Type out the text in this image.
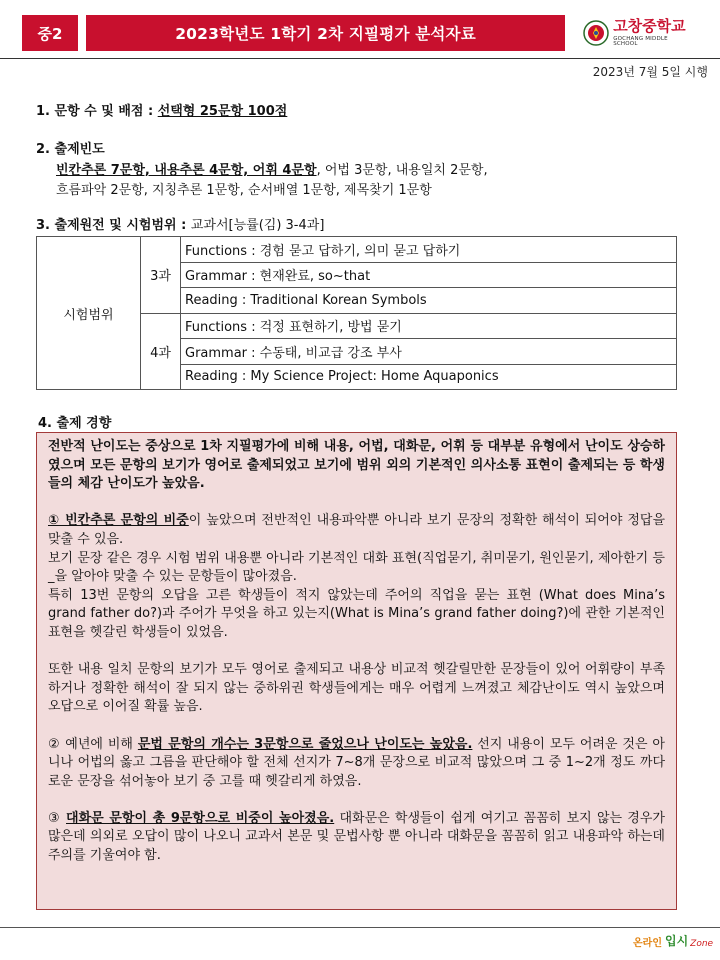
중2	2023학년도 1학기 2차 지필평가 분석자료	고창중학교
GOCHANG MIDDLE SCHOOL
2023년 7월 5일 시행
1. 문항 수 및 배점 : 선택형 25문항 100점
2. 출제빈도
빈칸추론 7문항, 내용추론 4문항, 어휘 4문항, 어법 3문항, 내용일치 2문항,
흐름파악 2문항, 지칭추론 1문항, 순서배열 1문항, 제목찾기 1문항
3. 출제원전 및 시험범위 : 교과서[능률(김) 3-4과]
시험범위	3과	Functions : 경험 묻고 답하기, 의미 묻고 답하기
		Grammar : 현재완료, so~that
		Reading : Traditional Korean Symbols
	4과	Functions : 걱정 표현하기, 방법 묻기
		Grammar : 수동태, 비교급 강조 부사
		Reading : My Science Project: Home Aquaponics
4. 출제 경향

전반적 난이도는 중상으로 1차 지필평가에 비해 내용, 어법, 대화문, 어휘 등 대부분 유형에서 난이도 상승하였으며 모든 문항의 보기가 영어로 출제되었고 보기에 범위 외의 기본적인 의사소통 표현이 출제되는 등 학생들의 체감 난이도가 높았음.

① 빈칸추론 문항의 비중이 높았으며 전반적인 내용파악뿐 아니라 보기 문장의 정확한 해석이 되어야 정답을 맞출 수 있음.

보기 문장 같은 경우 시험 범위 내용뿐 아니라 기본적인 대화 표현(직업묻기, 취미묻기, 원인묻기, 제아한기 등_을 알아야 맞출 수 있는 문항들이 많아졌음.

특히 13번 문항의 오답을 고른 학생들이 적지 않았는데 주어의 직업을 묻는 표현 (What does Mina’s grand father do?)과 주어가 무엇을 하고 있는지(What is Mina’s grand father doing?)에 관한 기본적인 표현을 헷갈린 학생들이 있었음.

또한 내용 일치 문항의 보기가 모두 영어로 출제되고 내용상 비교적 헷갈릴만한 문장들이 있어 어휘량이 부족하거나 정확한 해석이 잘 되지 않는 중하위권 학생들에게는 매우 어렵게 느껴졌고 체감난이도 역시 높았으며 오답으로 이어질 확률 높음.

② 예년에 비해 문법 문항의 개수는 3문항으로 줄었으나 난이도는 높았음. 선지 내용이 모두 어려운 것은 아니나 어법의 옳고 그름을 판단해야 할 전체 선지가 7~8개 문장으로 비교적 많았으며 그 중 1~2개 정도 까다로운 문장을 섞어놓아 보기 중 고를 때 헷갈리게 하였음.

③ 대화문 문항이 총 9문항으로 비중이 높아졌음. 대화문은 학생들이 쉽게 여기고 꼼꼼히 보지 않는 경우가 많은데 의외로 오답이 많이 나오니 교과서 본문 및 문법사항 뿐 아니라 대화문을 꼼꼼히 읽고 내용파악 하는데 주의를 기울여야 함.

온라인 입시 Zone
